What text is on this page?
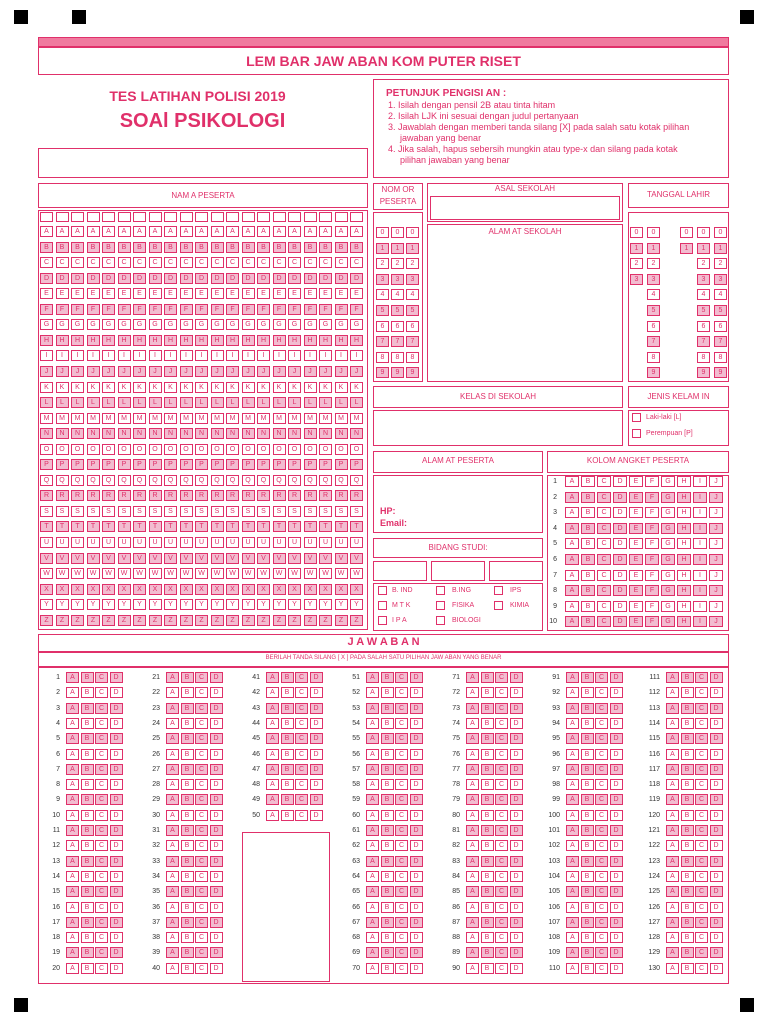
LEM BAR JAW ABAN KOM PUTER RISET
TES LATIHAN POLISI 2019
SOAl PSIKOLOGI
PETUNJUK PENGISI AN :
1. Isilah dengan pensil 2B atau tinta hitam
2. Isilah LJK ini sesuai dengan judul pertanyaan
3. Jawablah dengan memberi tanda silang [X] pada salah satu kotak pilihan
jawaban yang benar
4. Jika salah, hapus sebersih mungkin atau type-x dan silang pada kotak
pilihan jawaban yang benar
NAM A PESERTA
A	A	A	A	A	A	A	A	A	A	A	A	A	A	A	A	A	A	A	A	A
B	B	B	B	B	B	B	B	B	B	B	B	B	B	B	B	B	B	B	B	B
C	C	C	C	C	C	C	C	C	C	C	C	C	C	C	C	C	C	C	C	C
D	D	D	D	D	D	D	D	D	D	D	D	D	D	D	D	D	D	D	D	D
E	E	E	E	E	E	E	E	E	E	E	E	E	E	E	E	E	E	E	E	E
F	F	F	F	F	F	F	F	F	F	F	F	F	F	F	F	F	F	F	F	F
G	G	G	G	G	G	G	G	G	G	G	G	G	G	G	G	G	G	G	G	G
H	H	H	H	H	H	H	H	H	H	H	H	H	H	H	H	H	H	H	H	H
I	I	I	I	I	I	I	I	I	I	I	I	I	I	I	I	I	I	I	I	I
J	J	J	J	J	J	J	J	J	J	J	J	J	J	J	J	J	J	J	J	J
K	K	K	K	K	K	K	K	K	K	K	K	K	K	K	K	K	K	K	K	K
L	L	L	L	L	L	L	L	L	L	L	L	L	L	L	L	L	L	L	L	L
M	M	M	M	M	M	M	M	M	M	M	M	M	M	M	M	M	M	M	M	M
N	N	N	N	N	N	N	N	N	N	N	N	N	N	N	N	N	N	N	N	N
O	O	O	O	O	O	O	O	O	O	O	O	O	O	O	O	O	O	O	O	O
P	P	P	P	P	P	P	P	P	P	P	P	P	P	P	P	P	P	P	P	P
Q	Q	Q	Q	Q	Q	Q	Q	Q	Q	Q	Q	Q	Q	Q	Q	Q	Q	Q	Q	Q
R	R	R	R	R	R	R	R	R	R	R	R	R	R	R	R	R	R	R	R	R
S	S	S	S	S	S	S	S	S	S	S	S	S	S	S	S	S	S	S	S	S
T	T	T	T	T	T	T	T	T	T	T	T	T	T	T	T	T	T	T	T	T
U	U	U	U	U	U	U	U	U	U	U	U	U	U	U	U	U	U	U	U	U
V	V	V	V	V	V	V	V	V	V	V	V	V	V	V	V	V	V	V	V	V
W	W	W	W	W	W	W	W	W	W	W	W	W	W	W	W	W	W	W	W	W
X	X	X	X	X	X	X	X	X	X	X	X	X	X	X	X	X	X	X	X	X
Y	Y	Y	Y	Y	Y	Y	Y	Y	Y	Y	Y	Y	Y	Y	Y	Y	Y	Y	Y	Y
Z	Z	Z	Z	Z	Z	Z	Z	Z	Z	Z	Z	Z	Z	Z	Z	Z	Z	Z	Z	Z
NOM OR
PESERTA
0	0	0
1	1	1
2	2	2
3	3	3
4	4	4
5	5	5
6	6	6
7	7	7
8	8	8
9	9	9
ASAL SEKOLAH
ALAM AT SEKOLAH
TANGGAL LAHIR
0	0	0	0	0
1	1	1	1	1
2	2	2	2
3	3	3	3
4	4	4
5	5	5
6	6	6
7	7	7
8	8	8
9	9	9
KELAS DI SEKOLAH	JENIS KELAM IN
Laki-laki [L]
Perempuan [P]
ALAM AT PESERTA
HP:
Email:
BIDANG STUDI:
B. IND
M T K
I P A
B.ING
FISIKA
BIOLOGI
IPS
KIMIA
KOLOM ANGKET PESERTA
1	A	B	C	D	E	F	G	H	I	J
2	A	B	C	D	E	F	G	H	I	J
3	A	B	C	D	E	F	G	H	I	J
4	A	B	C	D	E	F	G	H	I	J
5	A	B	C	D	E	F	G	H	I	J
6	A	B	C	D	E	F	G	H	I	J
7	A	B	C	D	E	F	G	H	I	J
8	A	B	C	D	E	F	G	H	I	J
9	A	B	C	D	E	F	G	H	I	J
10	A	B	C	D	E	F	G	H	I	J
J A W A B A N
BERILAH TANDA SILANG [ X ] PADA SALAH SATU PILIHAN JAW ABAN YANG BENAR
1	A	B	C	D
2	A	B	C	D
3	A	B	C	D
4	A	B	C	D
5	A	B	C	D
6	A	B	C	D
7	A	B	C	D
8	A	B	C	D
9	A	B	C	D
10	A	B	C	D
11	A	B	C	D
12	A	B	C	D
13	A	B	C	D
14	A	B	C	D
15	A	B	C	D
16	A	B	C	D
17	A	B	C	D
18	A	B	C	D
19	A	B	C	D
20	A	B	C	D
21	A	B	C	D
22	A	B	C	D
23	A	B	C	D
24	A	B	C	D
25	A	B	C	D
26	A	B	C	D
27	A	B	C	D
28	A	B	C	D
29	A	B	C	D
30	A	B	C	D
31	A	B	C	D
32	A	B	C	D
33	A	B	C	D
34	A	B	C	D
35	A	B	C	D
36	A	B	C	D
37	A	B	C	D
38	A	B	C	D
39	A	B	C	D
40	A	B	C	D
41	A	B	C	D
42	A	B	C	D
43	A	B	C	D
44	A	B	C	D
45	A	B	C	D
46	A	B	C	D
47	A	B	C	D
48	A	B	C	D
49	A	B	C	D
50	A	B	C	D
51	A	B	C	D
52	A	B	C	D
53	A	B	C	D
54	A	B	C	D
55	A	B	C	D
56	A	B	C	D
57	A	B	C	D
58	A	B	C	D
59	A	B	C	D
60	A	B	C	D
61	A	B	C	D
62	A	B	C	D
63	A	B	C	D
64	A	B	C	D
65	A	B	C	D
66	A	B	C	D
67	A	B	C	D
68	A	B	C	D
69	A	B	C	D
70	A	B	C	D
71	A	B	C	D
72	A	B	C	D
73	A	B	C	D
74	A	B	C	D
75	A	B	C	D
76	A	B	C	D
77	A	B	C	D
78	A	B	C	D
79	A	B	C	D
80	A	B	C	D
81	A	B	C	D
82	A	B	C	D
83	A	B	C	D
84	A	B	C	D
85	A	B	C	D
86	A	B	C	D
87	A	B	C	D
88	A	B	C	D
89	A	B	C	D
90	A	B	C	D
91	A	B	C	D
92	A	B	C	D
93	A	B	C	D
94	A	B	C	D
95	A	B	C	D
96	A	B	C	D
97	A	B	C	D
98	A	B	C	D
99	A	B	C	D
100	A	B	C	D
101	A	B	C	D
102	A	B	C	D
103	A	B	C	D
104	A	B	C	D
105	A	B	C	D
106	A	B	C	D
107	A	B	C	D
108	A	B	C	D
109	A	B	C	D
110	A	B	C	D
111	A	B	C	D
112	A	B	C	D
113	A	B	C	D
114	A	B	C	D
115	A	B	C	D
116	A	B	C	D
117	A	B	C	D
118	A	B	C	D
119	A	B	C	D
120	A	B	C	D
121	A	B	C	D
122	A	B	C	D
123	A	B	C	D
124	A	B	C	D
125	A	B	C	D
126	A	B	C	D
127	A	B	C	D
128	A	B	C	D
129	A	B	C	D
130	A	B	C	D
